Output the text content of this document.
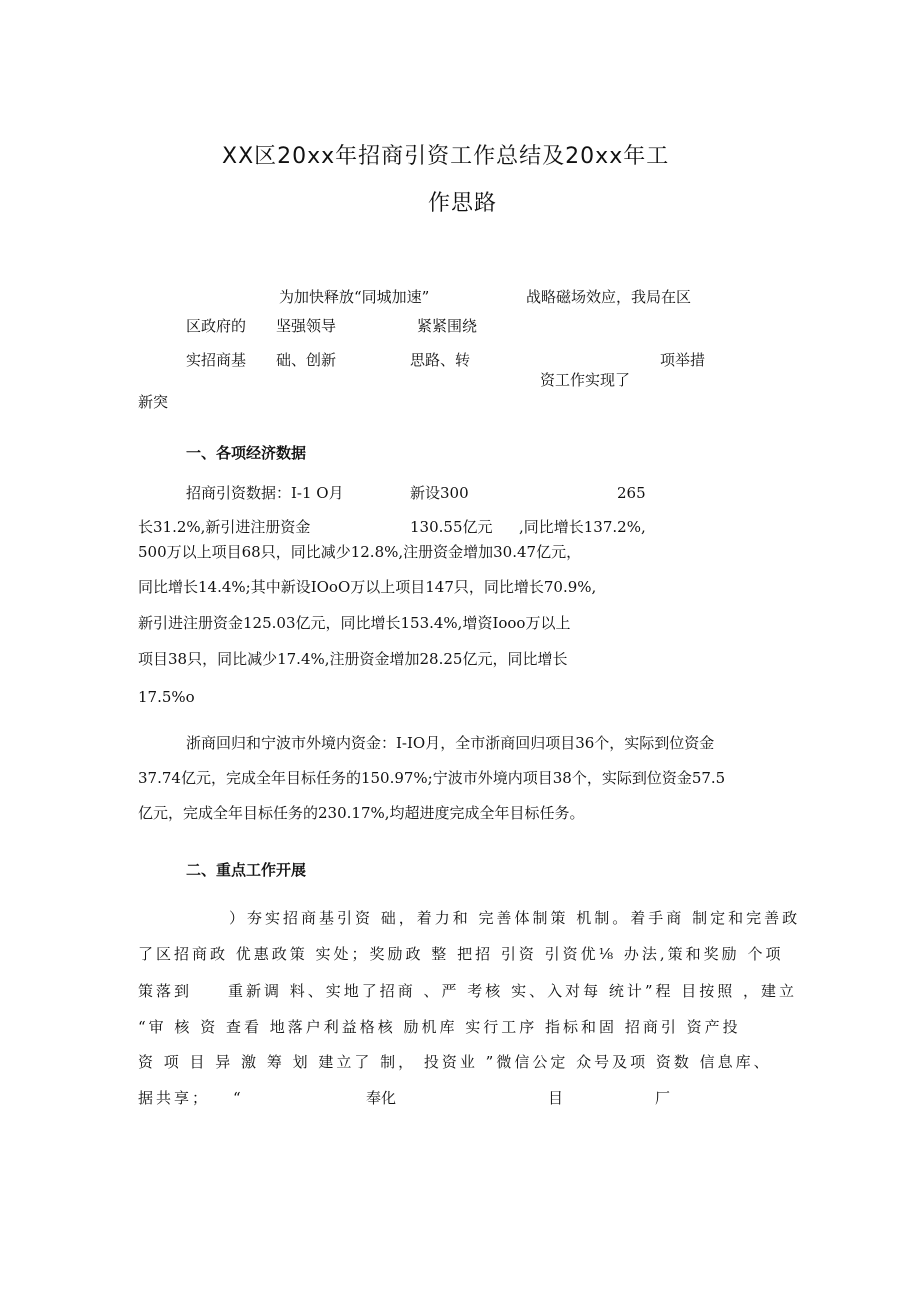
XX区20xx年招商引资工作总结及20xx年工
作思路
为加快释放“同城加速”	战略磁场效应，我局在区
区政府的 坚强领导	紧紧围绕
实招商基 础、创新	思路、转	项举措
资工作实现了
新突
一、各项经济数据
招商引资数据：I-1 O月	新设300	265
长31.2%,新引进注册资金	130.55亿元 ,同比增长137.2%,
500万以上项目68只，同比减少12.8%,注册资金增加30.47亿元，
同比增长14.4%;其中新设IOoO万以上项目147只，同比增长70.9%,
新引进注册资金125.03亿元，同比增长153.4%,增资Iooo万以上
项目38只，同比减少17.4%,注册资金增加28.25亿元，同比增长
17.5%o
浙商回归和宁波市外境内资金：I-IO月，全市浙商回归项目36个，实际到位资金
37.74亿元，完成全年目标任务的150.97%;宁波市外境内项目38个，实际到位资金57.5
亿元，完成全年目标任务的230.17%,均超进度完成全年目标任务。
二、重点工作开展
）夯实招商基引资 础，着力和 完善体制策 机制。着手商 制定和完善政
了区招商政 优惠政策 实处；奖励政 整 把招 引资 引资优⅛ 办法,策和奖励 个项
策落到 重新调 料、实地了招商 、严 考核 实、入对每 统计”程 目按照 ，建立
“审 核 资 查看 地落户利益格核 励机库 实行工序 指标和固 招商引 资产投
资 项 目 异 激 筹 划 建立了 制， 投资业 ”微信公定 众号及项 资数 信息库、
据共享； “	奉化	目	厂
